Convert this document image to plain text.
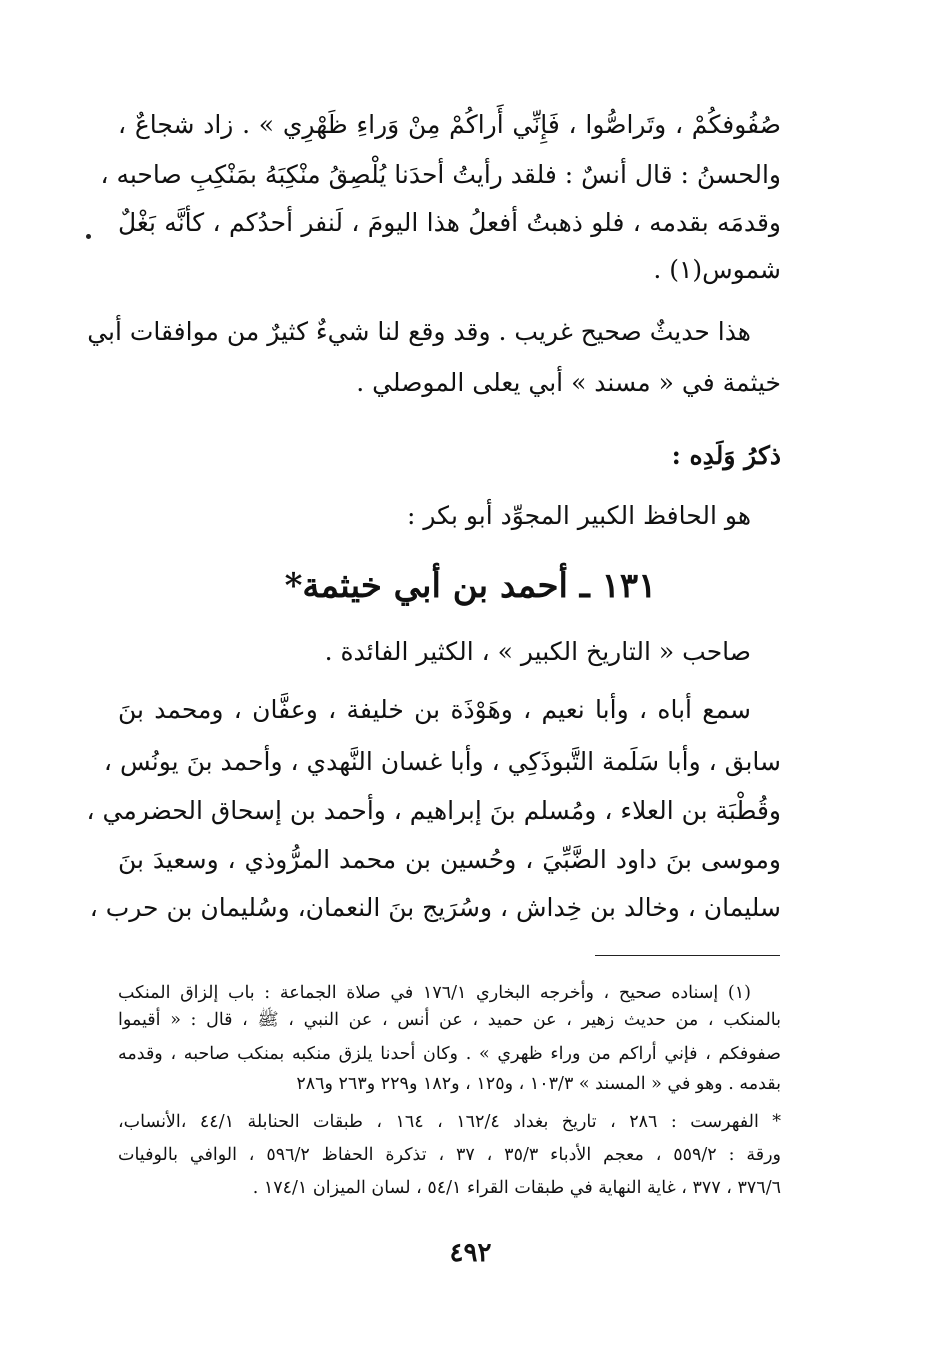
صُفُوفكُمْ ، وتَراصُّوا ، فَإِنِّي أَراكُمْ مِنْ وَراءِ ظَهْرِي » . زاد شجاعٌ ،
والحسنُ : قال أنسٌ : فلقد رأيتُ أحدَنا يُلْصِقُ منْكِبَهُ بمَنْكِبِ صاحبه ،
وقدمَه بقدمه ، فلو ذهبتُ أفعلُ هذا اليومَ ، لَنفر أحدُكم ، كأنَّه بَغْلٌ
شموس(١) .
هذا حديثٌ صحيح غريب . وقد وقع لنا شيءٌ كثيرٌ من موافقات أبي
خيثمة في « مسند » أبي يعلى الموصلي .
ذكرُ وَلَدِه :
هو الحافظ الكبير المجوِّد أبو بكر :
١٣١ ـ أحمد بن أبي خيثمة*
صاحب « التاريخ الكبير » ، الكثير الفائدة .
سمع أباه ، وأبا نعيم ، وهَوْذَة بن خليفة ، وعفَّان ، ومحمد بنَ
سابق ، وأبا سَلَمة التَّبوذَكِي ، وأبا غسان النَّهدي ، وأحمد بنَ يونُس ،
وقُطْبَة بن العلاء ، ومُسلم بنَ إبراهيم ، وأحمد بن إسحاق الحضرمي ،
وموسى بنَ داود الضَّبِّيَ ، وحُسين بن محمد المرُّوذي ، وسعيدَ بنَ
سليمان ، وخالد بن خِداش ، وسُرَيج بنَ النعمان، وسُليمان بن حرب ،
(١) إسناده صحيح ، وأخرجه البخاري ١٧٦/١ في صلاة الجماعة : باب إلزاق المنكب
بالمنكب ، من حديث زهير ، عن حميد ، عن أنس ، عن النبي ، ﷺ ، قال : « أقيموا
صفوفكم ، فإني أراكم من وراء ظهري » . وكان أحدنا يلزق منكبه بمنكب صاحبه ، وقدمه
بقدمه . وهو في « المسند » ١٠٣/٣ ، و١٢٥ ، و١٨٢ و٢٢٩ و٢٦٣ و٢٨٦
* الفهرست : ٢٨٦ ، تاريخ بغداد ١٦٢/٤ ، ١٦٤ ، طبقات الحنابلة ٤٤/١ ،الأنساب،
ورقة : ٥٥٩/٢ ، معجم الأدباء ٣٥/٣ ، ٣٧ ، تذكرة الحفاظ ٥٩٦/٢ ، الوافي بالوفيات
٣٧٦/٦ ، ٣٧٧ ، غاية النهاية في طبقات القراء ٥٤/١ ، لسان الميزان ١٧٤/١ .
٤٩٢
